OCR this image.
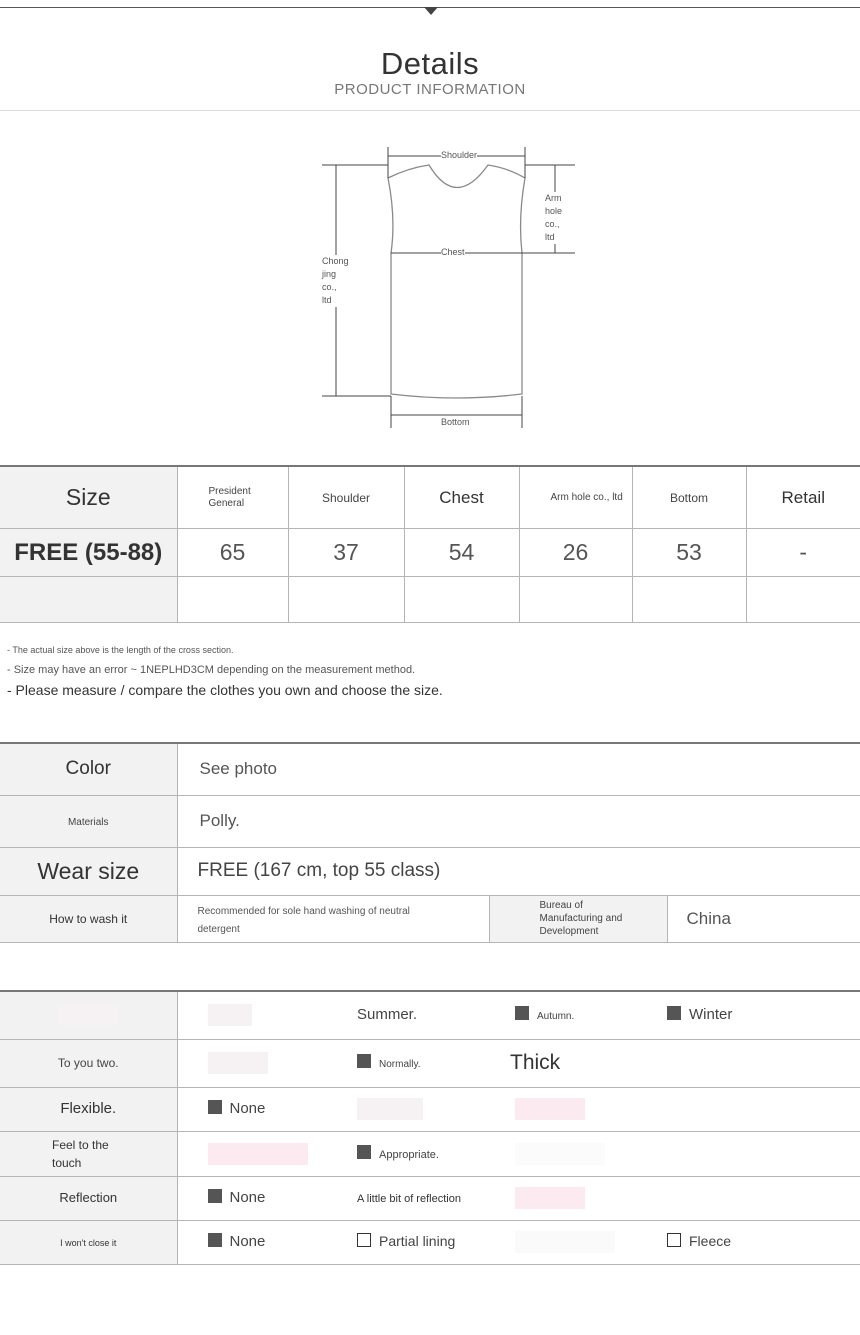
Details
PRODUCT INFORMATION
Shoulder
Chest
Bottom
Arm
hole
co.,
ltd
Chong
jing
co.,
ltd
Size	President General	Shoulder	Chest	Arm hole co., ltd	Bottom	Retail
FREE (55-88)	65	37	54	26	53	-

- The actual size above is the length of the cross section.
- Size may have an error ~ 1NEPLHD3CM depending on the measurement method.
- Please measure / compare the clothes you own and choose the size.
Color	See photo		
Materials	Polly.		
Wear size	FREE (167 cm, top 55 class)		
How to wash it	Recommended for sole hand washing of neutral detergent	Bureau of Manufacturing and Development	China
		Summer.	Autumn.	Winter
To you two.		Normally.	Thick	
Flexible.	None			
Feel to the touch		Appropriate.		
Reflection	None	A little bit of reflection		
I won't close it	None	Partial lining		Fleece
